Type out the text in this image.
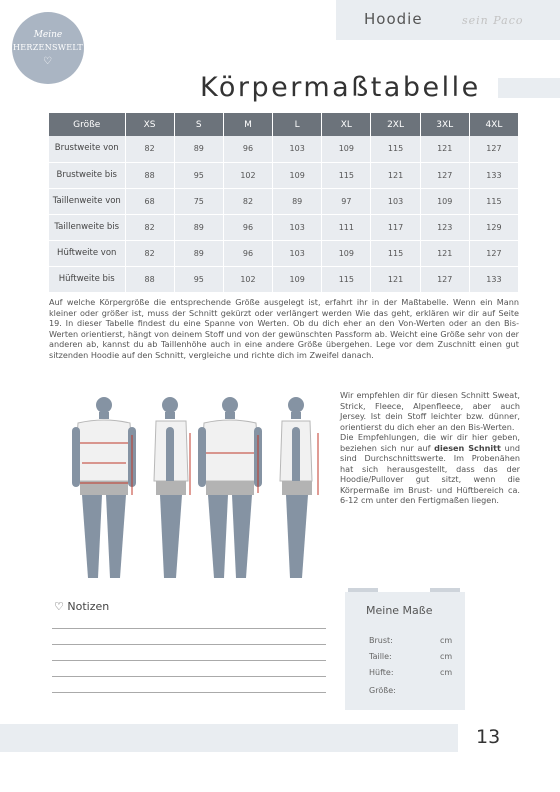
Hoodie	sein Paco
Meine
HERZENSWELT
♡
Körpermaßtabelle
Größe	XS	S	M	L	XL	2XL	3XL	4XL
Brustweite von	82	89	96	103	109	115	121	127
Brustweite bis	88	95	102	109	115	121	127	133
Taillenweite von	68	75	82	89	97	103	109	115
Taillenweite bis	82	89	96	103	111	117	123	129
Hüftweite von	82	89	96	103	109	115	121	127
Hüftweite bis	88	95	102	109	115	121	127	133

Auf welche Körpergröße die entsprechende Größe ausgelegt ist, erfahrt ihr in der Maßtabelle. Wenn ein Mann kleiner oder größer ist, muss der Schnitt gekürzt oder verlängert werden Wie das geht, erklären wir dir auf Seite 19. In dieser Tabelle findest du eine Spanne von Werten. Ob du dich eher an den Von-Werten oder an den Bis-Werten orientierst, hängt von deinem Stoff und von der gewünschten Passform ab. Weicht eine Größe sehr von der anderen ab, kannst du ab Taillenhöhe auch in eine andere Größe übergehen. Lege vor dem Zuschnitt einen gut sitzenden Hoodie auf den Schnitt, vergleiche und richte dich im Zweifel danach.

Wir empfehlen dir für diesen Schnitt Sweat, Strick, Fleece, Alpenfleece, aber auch Jersey. Ist dein Stoff leichter bzw. dünner, orientierst du dich eher an den Bis-Werten.

Die Empfehlungen, die wir dir hier geben, beziehen sich nur auf diesen Schnitt und sind Durchschnittswerte. Im Probenähen hat sich herausgestellt, dass das der Hoodie/Pullover gut sitzt, wenn die Körpermaße im Brust- und Hüftbereich ca. 6-12 cm unter den Fertigmaßen liegen.

♡ Notizen	Meine Maße
Brust:	cm
Taille:	cm
Hüfte:	cm
Größe:
13
